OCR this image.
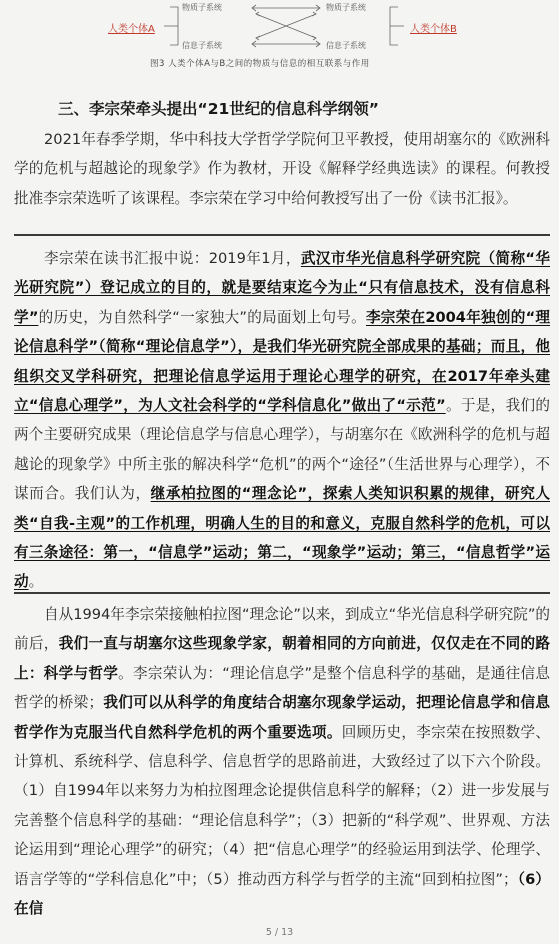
人类个体A	人类个体B
物质子系统	物质子系统
信息子系统	信息子系统
图3 人类个体A与B之间的物质与信息的相互联系与作用
三、李宗荣牵头提出“21世纪的信息科学纲领”
2021年春季学期，华中科技大学哲学学院何卫平教授，使用胡塞尔的《欧洲科学的危机与超越论的现象学》作为教材，开设《解释学经典选读》的课程。何教授批准李宗荣选听了该课程。李宗荣在学习中给何教授写出了一份《读书汇报》。
李宗荣在读书汇报中说：2019年1月，武汉市华光信息科学研究院（简称“华光研究院”）登记成立的目的，就是要结束迄今为止“只有信息技术，没有信息科学”的历史，为自然科学“一家独大”的局面划上句号。李宗荣在2004年独创的“理论信息科学”（简称“理论信息学”），是我们华光研究院全部成果的基础；而且，他组织交叉学科研究，把理论信息学运用于理论心理学的研究，在2017年牵头建立“信息心理学”，为人文社会科学的“学科信息化”做出了“示范”。于是，我们的两个主要研究成果（理论信息学与信息心理学），与胡塞尔在《欧洲科学的危机与超越论的现象学》中所主张的解决科学“危机”的两个“途径”（生活世界与心理学），不谋而合。我们认为，继承柏拉图的“理念论”，探索人类知识积累的规律，研究人类“自我-主观”的工作机理，明确人生的目的和意义，克服自然科学的危机，可以有三条途径：第一，“信息学”运动；第二，“现象学”运动；第三，“信息哲学”运动。
自从1994年李宗荣接触柏拉图“理念论”以来，到成立“华光信息科学研究院”的前后，我们一直与胡塞尔这些现象学家，朝着相同的方向前进，仅仅走在不同的路上：科学与哲学。李宗荣认为：“理论信息学”是整个信息科学的基础，是通往信息哲学的桥梁；我们可以从科学的角度结合胡塞尔现象学运动，把理论信息学和信息哲学作为克服当代自然科学危机的两个重要选项。回顾历史，李宗荣在按照数学、计算机、系统科学、信息科学、信息哲学的思路前进，大致经过了以下六个阶段。（1）自1994年以来努力为柏拉图理念论提供信息科学的解释；（2）进一步发展与完善整个信息科学的基础：“理论信息科学”；（3）把新的“科学观”、世界观、方法论运用到“理论心理学”的研究；（4）把“信息心理学”的经验运用到法学、伦理学、语言学等的“学科信息化”中；（5）推动西方科学与哲学的主流“回到柏拉图”；（6）在信
5 / 13
